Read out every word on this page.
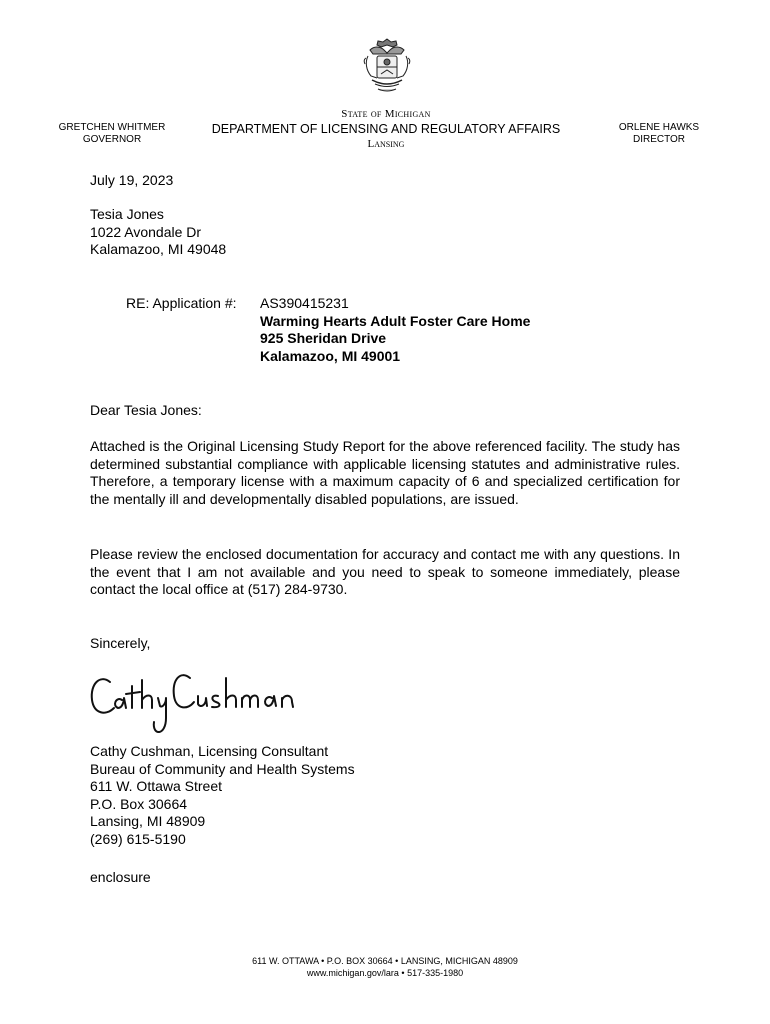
GRETCHEN WHITMER
GOVERNOR
State of Michigan
DEPARTMENT OF LICENSING AND REGULATORY AFFAIRS
Lansing
ORLENE HAWKS
DIRECTOR
July 19, 2023
Tesia Jones
1022 Avondale Dr
Kalamazoo, MI 49048
RE: Application #: AS390415231
Warming Hearts Adult Foster Care Home
925 Sheridan Drive
Kalamazoo, MI 49001
Dear Tesia Jones:
Attached is the Original Licensing Study Report for the above referenced facility. The study has determined substantial compliance with applicable licensing statutes and administrative rules. Therefore, a temporary license with a maximum capacity of 6 and specialized certification for the mentally ill and developmentally disabled populations, are issued.
Please review the enclosed documentation for accuracy and contact me with any questions. In the event that I am not available and you need to speak to someone immediately, please contact the local office at (517) 284-9730.
Sincerely,
Cathy Cushman, Licensing Consultant
Bureau of Community and Health Systems
611 W. Ottawa Street
P.O. Box 30664
Lansing, MI 48909
(269) 615-5190
enclosure
611 W. OTTAWA • P.O. BOX 30664 • LANSING, MICHIGAN 48909
www.michigan.gov/lara • 517-335-1980
